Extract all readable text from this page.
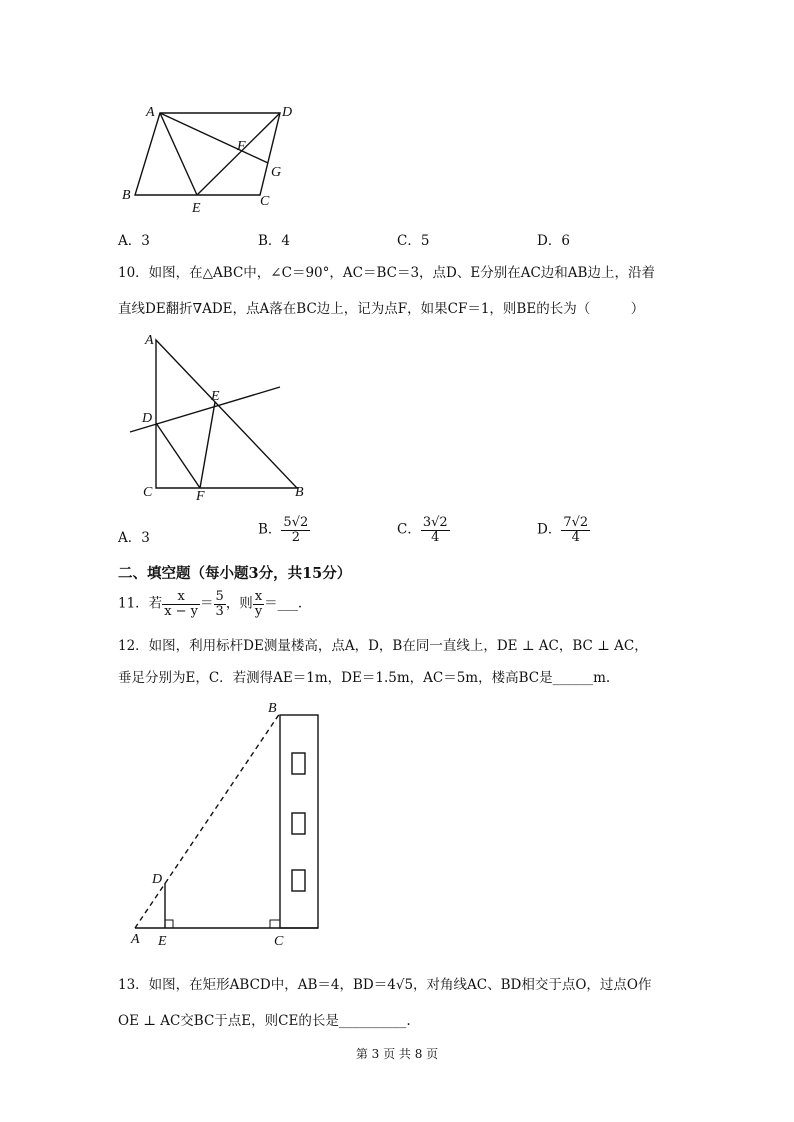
A	D
F
G
B
E	C
A．3	B．4	C．5	D．6
10．如图，在△ABC中，∠C＝90°，AC＝BC＝3，点D、E分别在AC边和AB边上，沿着
直线DE翻折∇ADE，点A落在BC边上，记为点F，如果CF＝1，则BE的长为（　　　）
A
D
E
C	F	B
A．3
B． $\frac{5√2}{2}$	C． $\frac{3√2}{4}$	D． $\frac{7√2}{4}$
二、填空题（每小题3分，共15分）
11．若 $\frac{x}{x - y} = \frac{5}{3}$ ，则 $\frac{x}{y}$ ＝___.
12．如图，利用标杆DE测量楼高，点A，D，B在同一直线上，DE ⊥ AC，BC ⊥ AC，
垂足分别为E，C．若测得AE＝1m，DE＝1.5m，AC＝5m，楼高BC是______m.
B
D
A E	C
13．如图，在矩形ABCD中，AB＝4，BD＝4√5，对角线AC、BD相交于点O，过点O作
OE ⊥ AC交BC于点E，则CE的长是__________.
第 3 页 共 8 页
